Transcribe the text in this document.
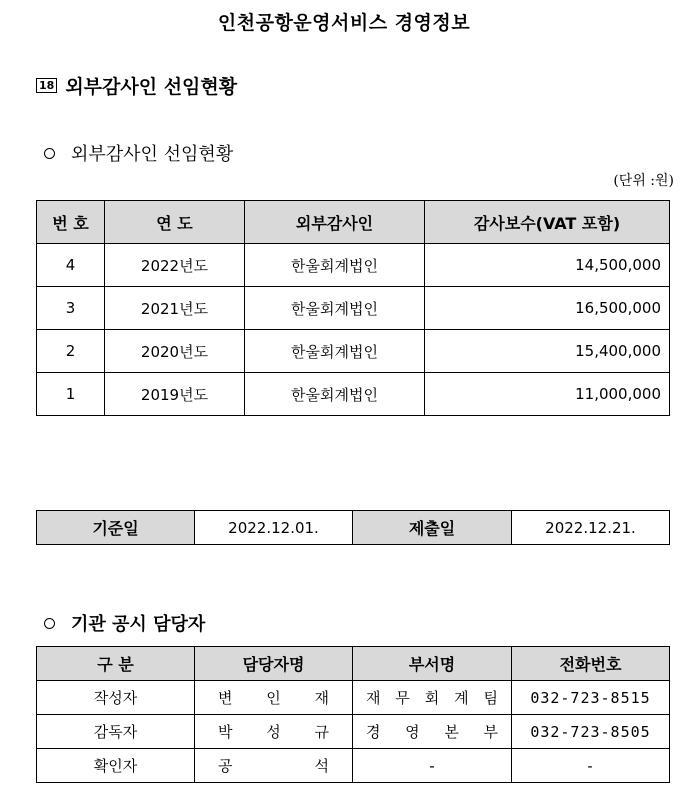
인천공항운영서비스 경영정보
18 외부감사인 선임현황
외부감사인 선임현황
(단위 :원)
번 호	연 도	외부감사인	감사보수(VAT 포함)
4	2022년도	한울회계법인	14,500,000
3	2021년도	한울회계법인	16,500,000
2	2020년도	한울회계법인	15,400,000
1	2019년도	한울회계법인	11,000,000
기준일	2022.12.01.	제출일	2022.12.21.
기관 공시 담당자
구 분	담당자명	부서명	전화번호
작성자	변 인 재	재 무 회 계 팀	032-723-8515
감독자	박 성 규	경 영 본 부	032-723-8505
확인자	공 석	-	-
